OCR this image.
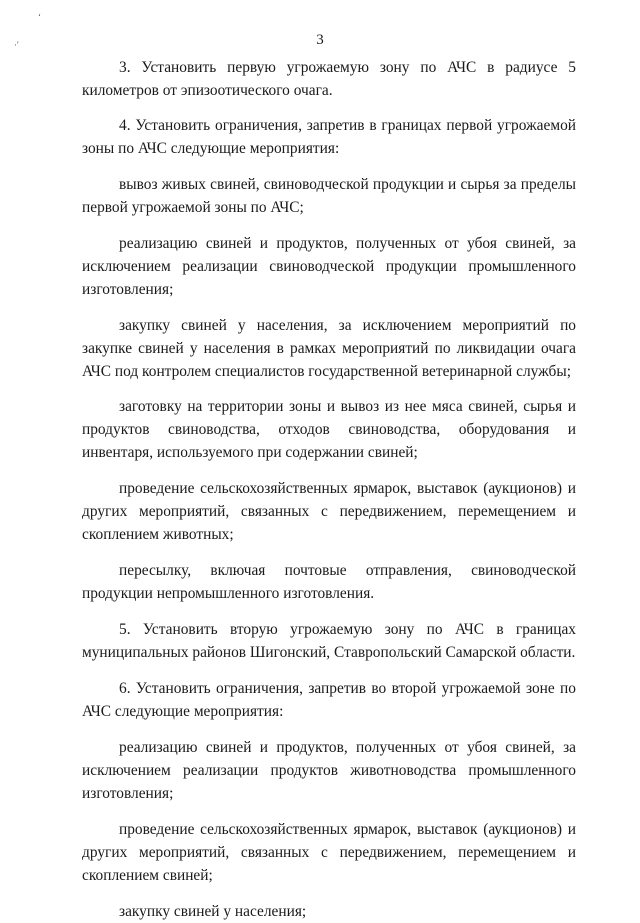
ʻ
·'	3

3. Установить первую угрожаемую зону по АЧС в радиусе 5 километров от эпизоотического очага.

4. Установить ограничения, запретив в границах первой угрожаемой зоны по АЧС следующие мероприятия:

вывоз живых свиней, свиноводческой продукции и сырья за пределы первой угрожаемой зоны по АЧС;

реализацию свиней и продуктов, полученных от убоя свиней, за исключением реализации свиноводческой продукции промышленного изготовления;

закупку свиней у населения, за исключением мероприятий по закупке свиней у населения в рамках мероприятий по ликвидации очага АЧС под контролем специалистов государственной ветеринарной службы;

заготовку на территории зоны и вывоз из нее мяса свиней, сырья и продуктов свиноводства, отходов свиноводства, оборудования и инвентаря, используемого при содержании свиней;

проведение сельскохозяйственных ярмарок, выставок (аукционов) и других мероприятий, связанных с передвижением, перемещением и скоплением животных;

пересылку, включая почтовые отправления, свиноводческой продукции непромышленного изготовления.

5. Установить вторую угрожаемую зону по АЧС в границах муниципальных районов Шигонский, Ставропольский Самарской области.

6. Установить ограничения, запретив во второй угрожаемой зоне по АЧС следующие мероприятия:

реализацию свиней и продуктов, полученных от убоя свиней, за исключением реализации продуктов животноводства промышленного изготовления;

проведение сельскохозяйственных ярмарок, выставок (аукционов) и других мероприятий, связанных с передвижением, перемещением и скоплением свиней;

закупку свиней у населения;
